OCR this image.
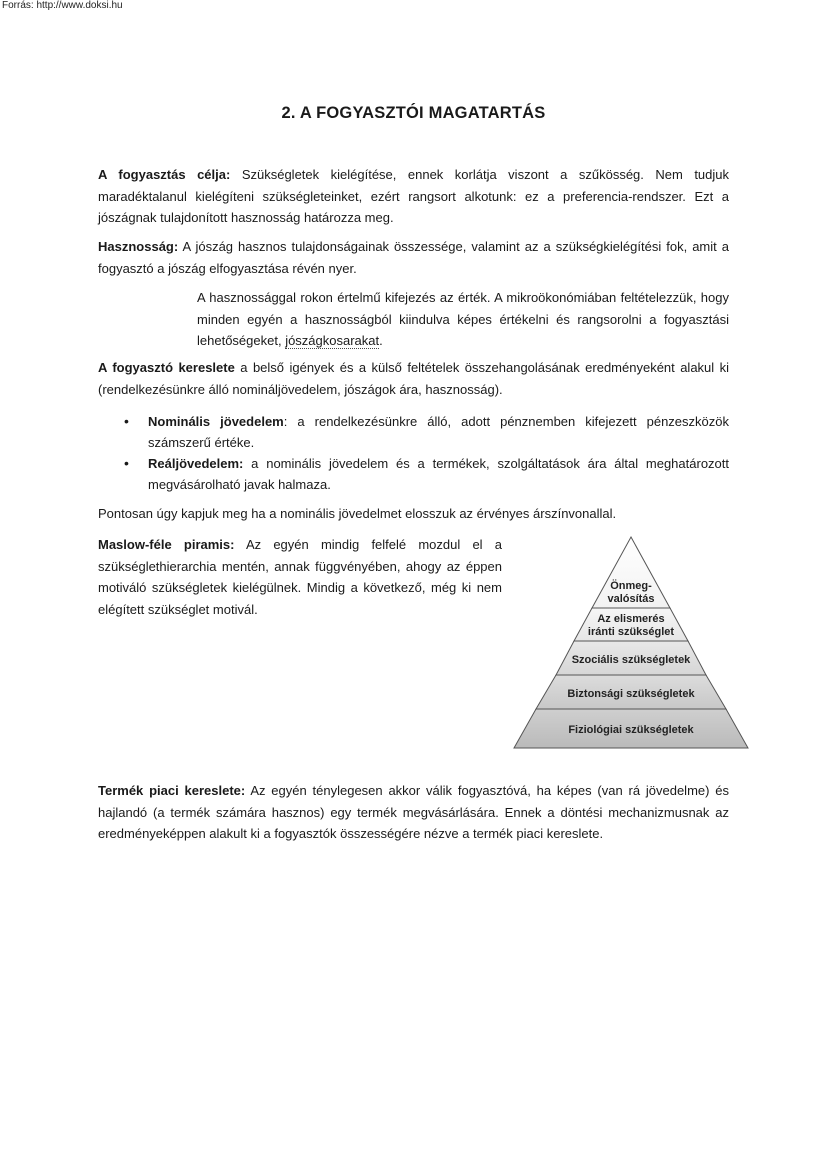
Forrás: http://www.doksi.hu
2. A FOGYASZTÓI MAGATARTÁS

A fogyasztás célja: Szükségletek kielégítése, ennek korlátja viszont a szűkösség. Nem tudjuk maradéktalanul kielégíteni szükségleteinket, ezért rangsort alkotunk: ez a preferencia-rendszer. Ezt a jószágnak tulajdonított hasznosság határozza meg.

Hasznosság: A jószág hasznos tulajdonságainak összessége, valamint az a szükségkielégítési fok, amit a fogyasztó a jószág elfogyasztása révén nyer.

A hasznossággal rokon értelmű kifejezés az érték. A mikroökonómiában feltételezzük, hogy minden egyén a hasznosságból kiindulva képes értékelni és rangsorolni a fogyasztási lehetőségeket, jószágkosarakat.

A fogyasztó kereslete a belső igények és a külső feltételek összehangolásának eredményeként alakul ki (rendelkezésünkre álló nomináljövedelem, jószágok ára, hasznosság).

• Nominális jövedelem: a rendelkezésünkre álló, adott pénznemben kifejezett pénzeszközök számszerű értéke.
• Reáljövedelem: a nominális jövedelem és a termékek, szolgáltatások ára által meghatározott megvásárolható javak halmaza.

Pontosan úgy kapjuk meg ha a nominális jövedelmet elosszuk az érvényes árszínvonallal.

Maslow-féle piramis: Az egyén mindig felfelé mozdul el a szükséglethierarchia mentén, annak függvényében, ahogy az éppen motiváló szükségletek kielégülnek. Mindig a következő, még ki nem elégített szükséglet motivál.

Önmeg-
valósítás
Az elismerés
iránti szükséglet
Szociális szükségletek
Biztonsági szükségletek
Fiziológiai szükségletek

Termék piaci kereslete: Az egyén ténylegesen akkor válik fogyasztóvá, ha képes (van rá jövedelme) és hajlandó (a termék számára hasznos) egy termék megvásárlására. Ennek a döntési mechanizmusnak az eredményeképpen alakult ki a fogyasztók összességére nézve a termék piaci kereslete.
